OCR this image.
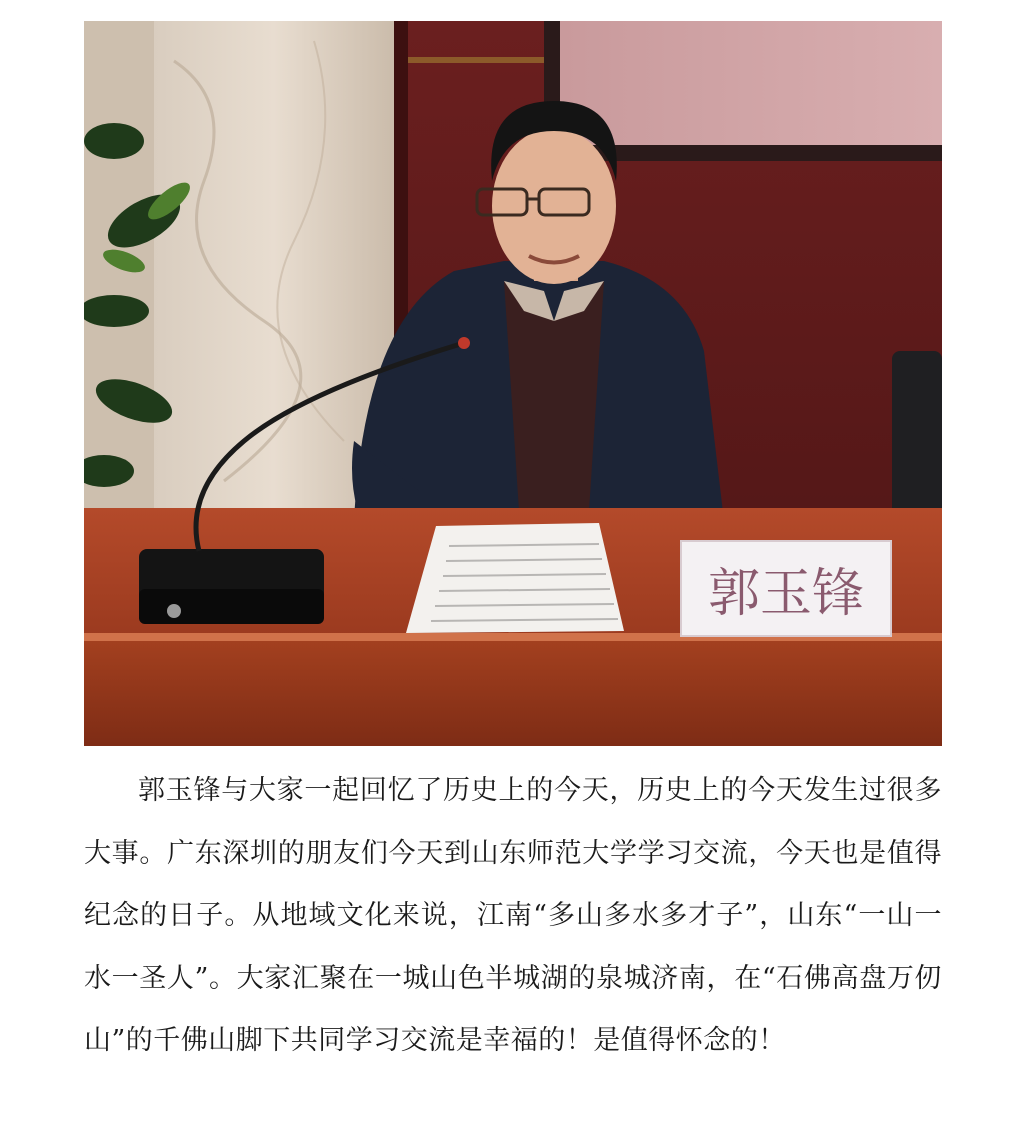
郭玉锋

郭玉锋与大家一起回忆了历史上的今天，历史上的今天发生过很多大事。广东深圳的朋友们今天到山东师范大学学习交流，今天也是值得纪念的日子。从地域文化来说，江南“多山多水多才子”，山东“一山一水一圣人”。大家汇聚在一城山色半城湖的泉城济南，在“石佛高盘万仞山”的千佛山脚下共同学习交流是幸福的！是值得怀念的！
